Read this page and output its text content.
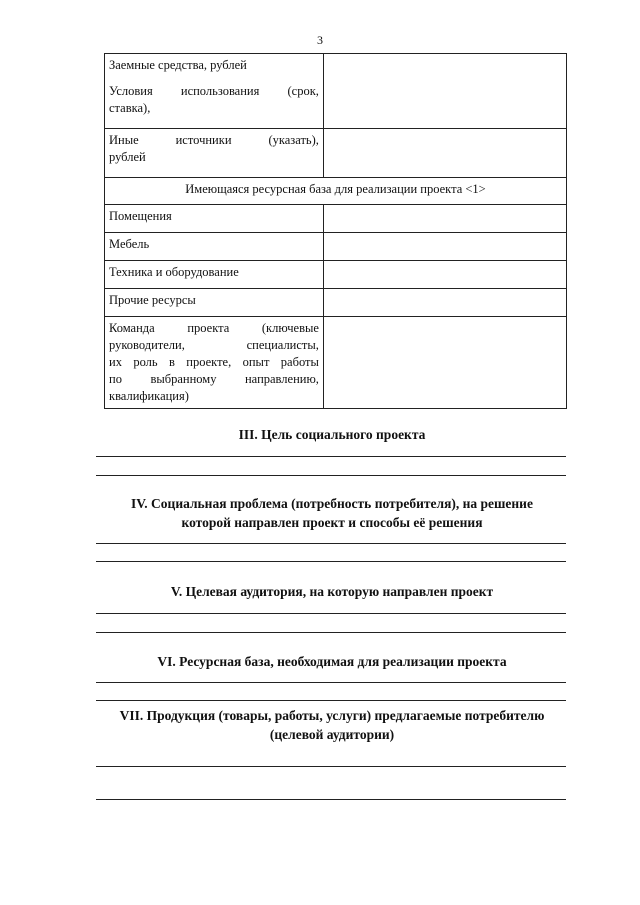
3
Заемные средства, рублей
Условия использования (срок,
ставка),	

Иные источники (указать),
рублей	

Имеющаяся ресурсная база для реализации проекта <1>	
Помещения	
Мебель	
Техника и оборудование	
Прочие ресурсы	

Команда проекта (ключевые
руководители, специалисты,
их роль в проекте, опыт работы
по выбранному направлению,
квалификация)	

III. Цель социального проекта
IV. Социальная проблема (потребность потребителя), на решение
которой направлен проект и способы её решения
V. Целевая аудитория, на которую направлен проект
VI. Ресурсная база, необходимая для реализации проекта
VII. Продукция (товары, работы, услуги) предлагаемые потребителю
(целевой аудитории)
